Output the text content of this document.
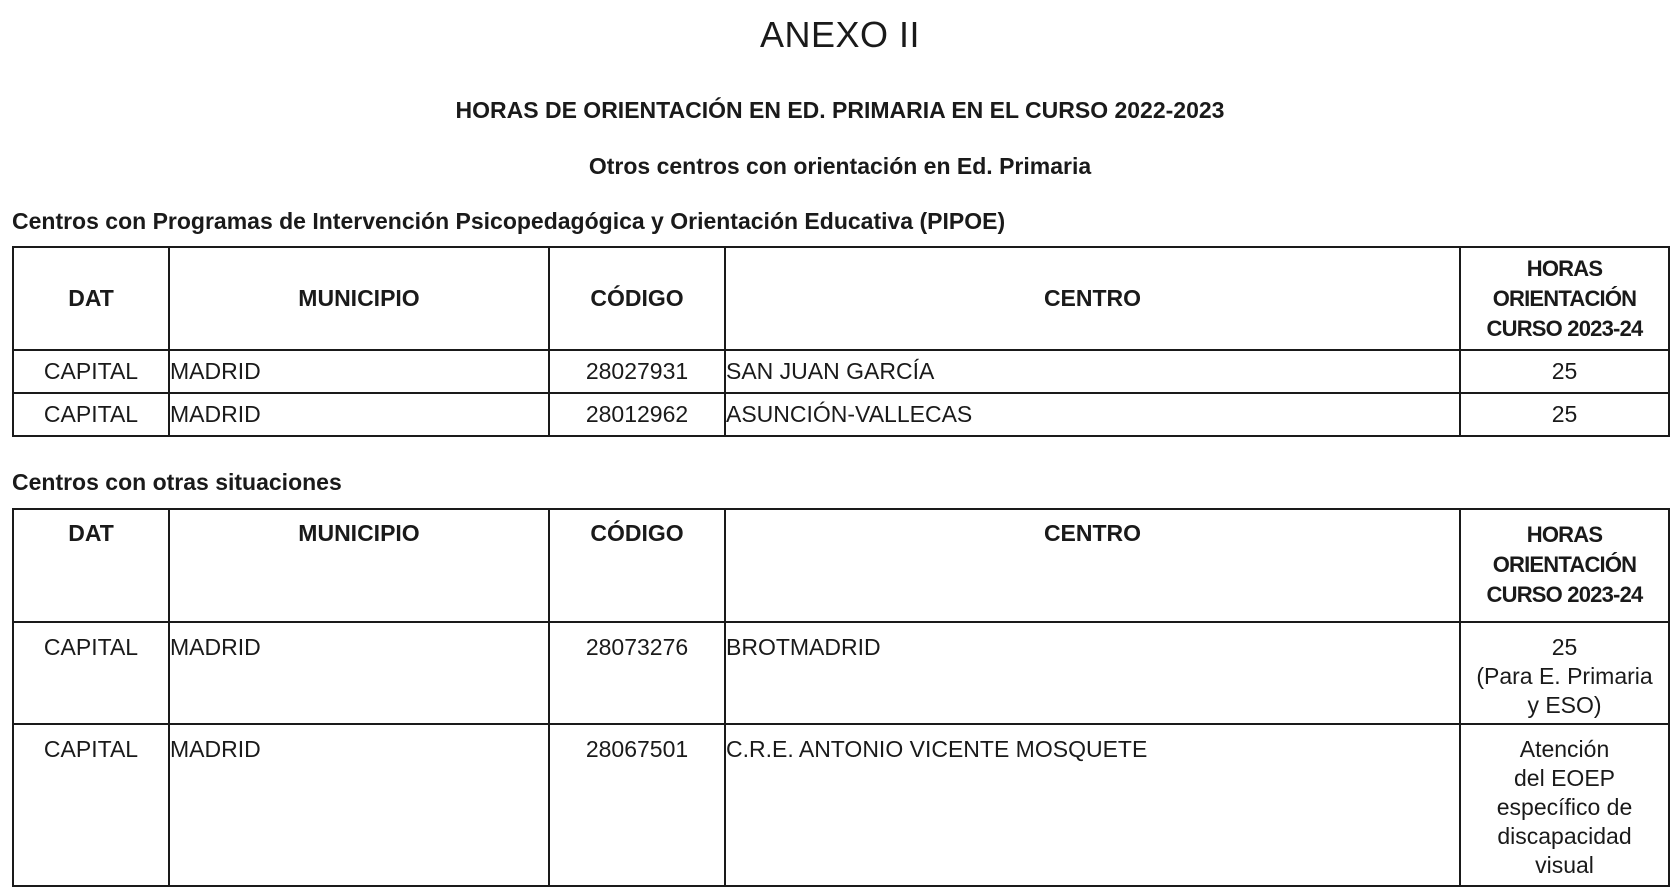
ANEXO II
HORAS DE ORIENTACIÓN EN ED. PRIMARIA EN EL CURSO 2022-2023
Otros centros con orientación en Ed. Primaria
Centros con Programas de Intervención Psicopedagógica y Orientación Educativa (PIPOE)
DAT	MUNICIPIO	CÓDIGO	CENTRO	HORAS
ORIENTACIÓN
CURSO 2023-24

CAPITAL	MADRID	28027931	SAN JUAN GARCÍA	25
CAPITAL	MADRID	28012962	ASUNCIÓN-VALLECAS	25
Centros con otras situaciones
DAT	MUNICIPIO	CÓDIGO	CENTRO	HORAS
ORIENTACIÓN
CURSO 2023-24

CAPITAL	MADRID	28073276	BROTMADRID	25
(Para E. Primaria
y ESO)

CAPITAL	MADRID	28067501	C.R.E. ANTONIO VICENTE MOSQUETE	Atención
del EOEP
específico de
discapacidad
visual
